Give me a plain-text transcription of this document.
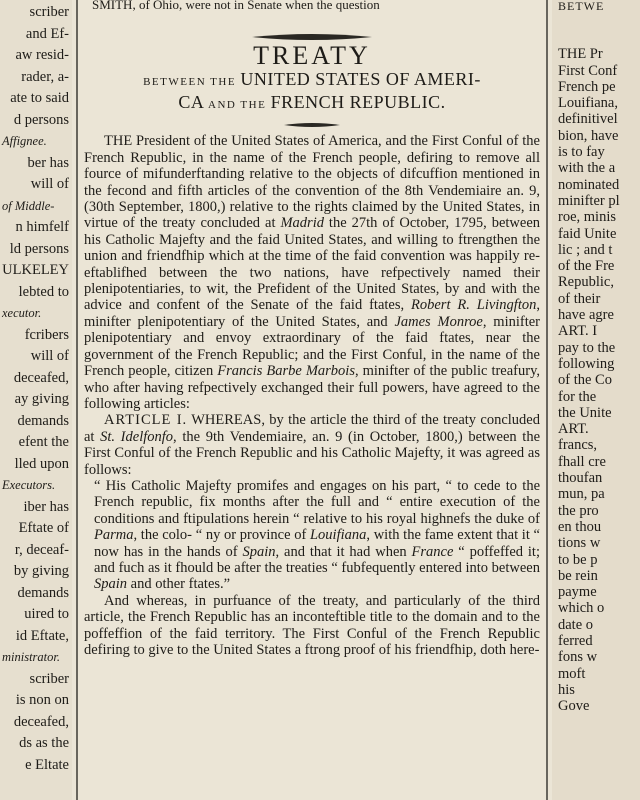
scriber
and Ef-
aw resid-
rader, a-
ate to said
d persons
Affignee.
ber has
will of
of Middle-
n himfelf
ld persons
ULKELEY
lebted to
xecutor.
fcribers
will of
deceafed,
ay giving
demands
efent the
lled upon
Executors.
iber has
Eftate of
r, deceaf-
by giving
demands
uired to
id Eftate,
ministrator.
scriber
is non on
deceafed,
ds as the
e Eltate
SMITH, of Ohio, were not in Senate when the question
TREATY
BETWEEN THE UNITED STATES OF AMERI-
CA AND THE FRENCH REPUBLIC.

THE President of the United States of America, and the First Conful of the French Republic, in the name of the French people, defiring to remove all fource of mifunderftanding relative to the objects of difcuffion mentioned in the fecond and fifth articles of the convention of the 8th Vendemiaire an. 9, (30th September, 1800,) relative to the rights claimed by the United States, in virtue of the treaty concluded at Madrid the 27th of October, 1795, between his Catholic Majefty and the faid United States, and willing to ftrengthen the union and friendfhip which at the time of the faid convention was happily re-eftablifhed between the two nations, have refpectively named their plenipotentiaries, to wit, the Prefident of the United States, by and with the advice and confent of the Senate of the faid ftates, Robert R. Livingfton, minifter plenipotentiary of the United States, and James Monroe, minifter plenipotentiary and envoy extraordinary of the faid ftates, near the government of the French Republic; and the First Conful, in the name of the French people, citizen Francis Barbe Marbois, minifter of the public treafury, who after having refpectively exchanged their full powers, have agreed to the following articles:

ARTICLE I. WHEREAS, by the article the third of the treaty concluded at St. Idelfonfo, the 9th Vendemiaire, an. 9 (in October, 1800,) between the First Conful of the French Republic and his Catholic Majefty, it was agreed as follows:

“ His Catholic Majefty promifes and engages on his part, “ to cede to the French republic, fix months after the full and “ entire execution of the conditions and ftipulations herein “ relative to his royal highnefs the duke of Parma, the colo- “ ny or province of Louifiana, with the fame extent that it “ now has in the hands of Spain, and that it had when France “ poffeffed it; and fuch as it fhould be after the treaties “ fubfequently entered into between Spain and other ftates.”

And whereas, in purfuance of the treaty, and particularly of the third article, the French Republic has an inconteftible title to the domain and to the poffeffion of the faid territory. The First Conful of the French Republic defiring to give to the United States a ftrong proof of his friendfhip, doth here-

BETWE
THE Pr
First Conf
French pe
Louifiana,
definitivel
bion, have
is to fay
with the a
nominated
minifter pl
roe, minis
faid Unite
lic ; and t
of the Fre
Republic,
of their
have agre
ART. I
pay to the
following
of the Co
for the
the Unite
ART.
francs,
fhall cre
thoufan
mun, pa
the pro
en thou
tions w
to be p
be rein
payme
which o
date o
ferred
fons w
moft
his
Gove
